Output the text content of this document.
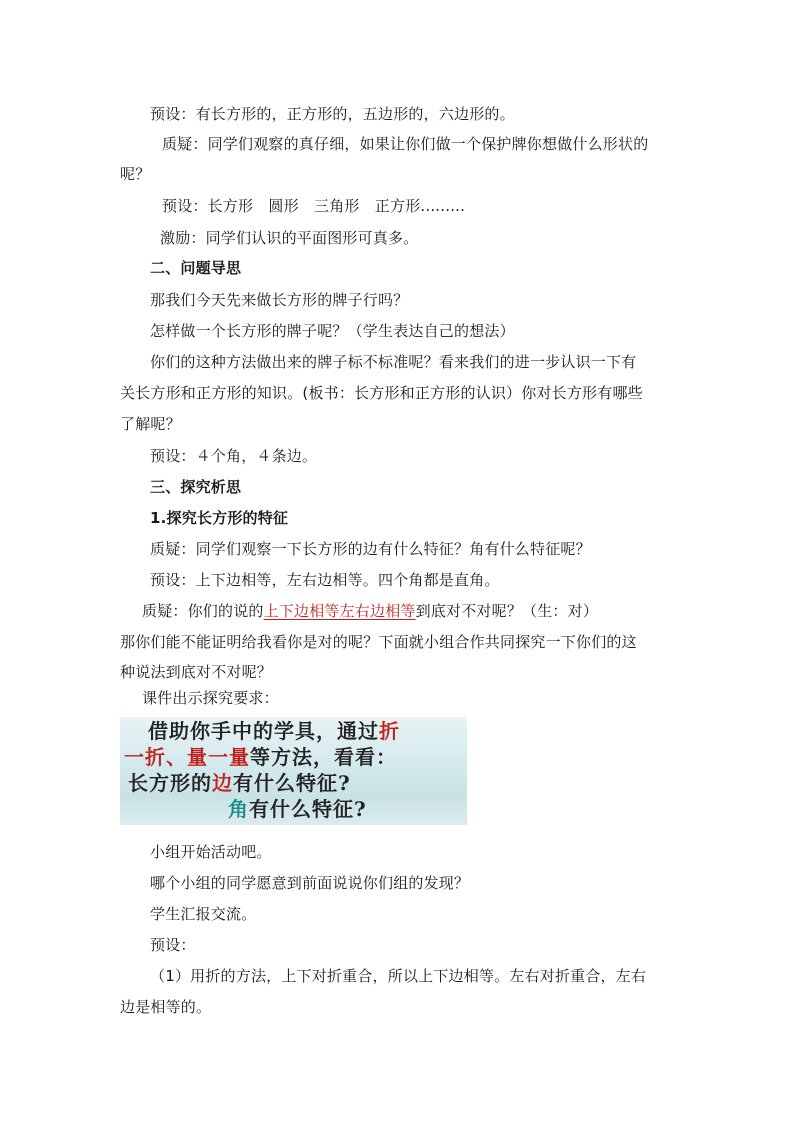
预设：有长方形的，正方形的，五边形的，六边形的。
质疑：同学们观察的真仔细，如果让你们做一个保护牌你想做什么形状的
呢？
预设：长方形　圆形　三角形　正方形.........
激励：同学们认识的平面图形可真多。
二、问题导思
那我们今天先来做长方形的牌子行吗？
怎样做一个长方形的牌子呢？（学生表达自己的想法）
你们的这种方法做出来的牌子标不标准呢？看来我们的进一步认识一下有
关长方形和正方形的知识。(板书：长方形和正方形的认识）你对长方形有哪些
了解呢？
预设：４个角，４条边。
三、探究析思
1.探究长方形的特征
质疑：同学们观察一下长方形的边有什么特征？角有什么特征呢？
预设：上下边相等，左右边相等。四个角都是直角。
质疑：你们的说的上下边相等左右边相等到底对不对呢？（生：对）
那你们能不能证明给我看你是对的呢？下面就小组合作共同探究一下你们的这
种说法到底对不对呢？
课件出示探究要求：
借助你手中的学具，通过折
一折、量一量等方法，看看：
长方形的边有什么特征?
角有什么特征?
小组开始活动吧。
哪个小组的同学愿意到前面说说你们组的发现？
学生汇报交流。
预设：
（1）用折的方法，上下对折重合，所以上下边相等。左右对折重合，左右
边是相等的。
